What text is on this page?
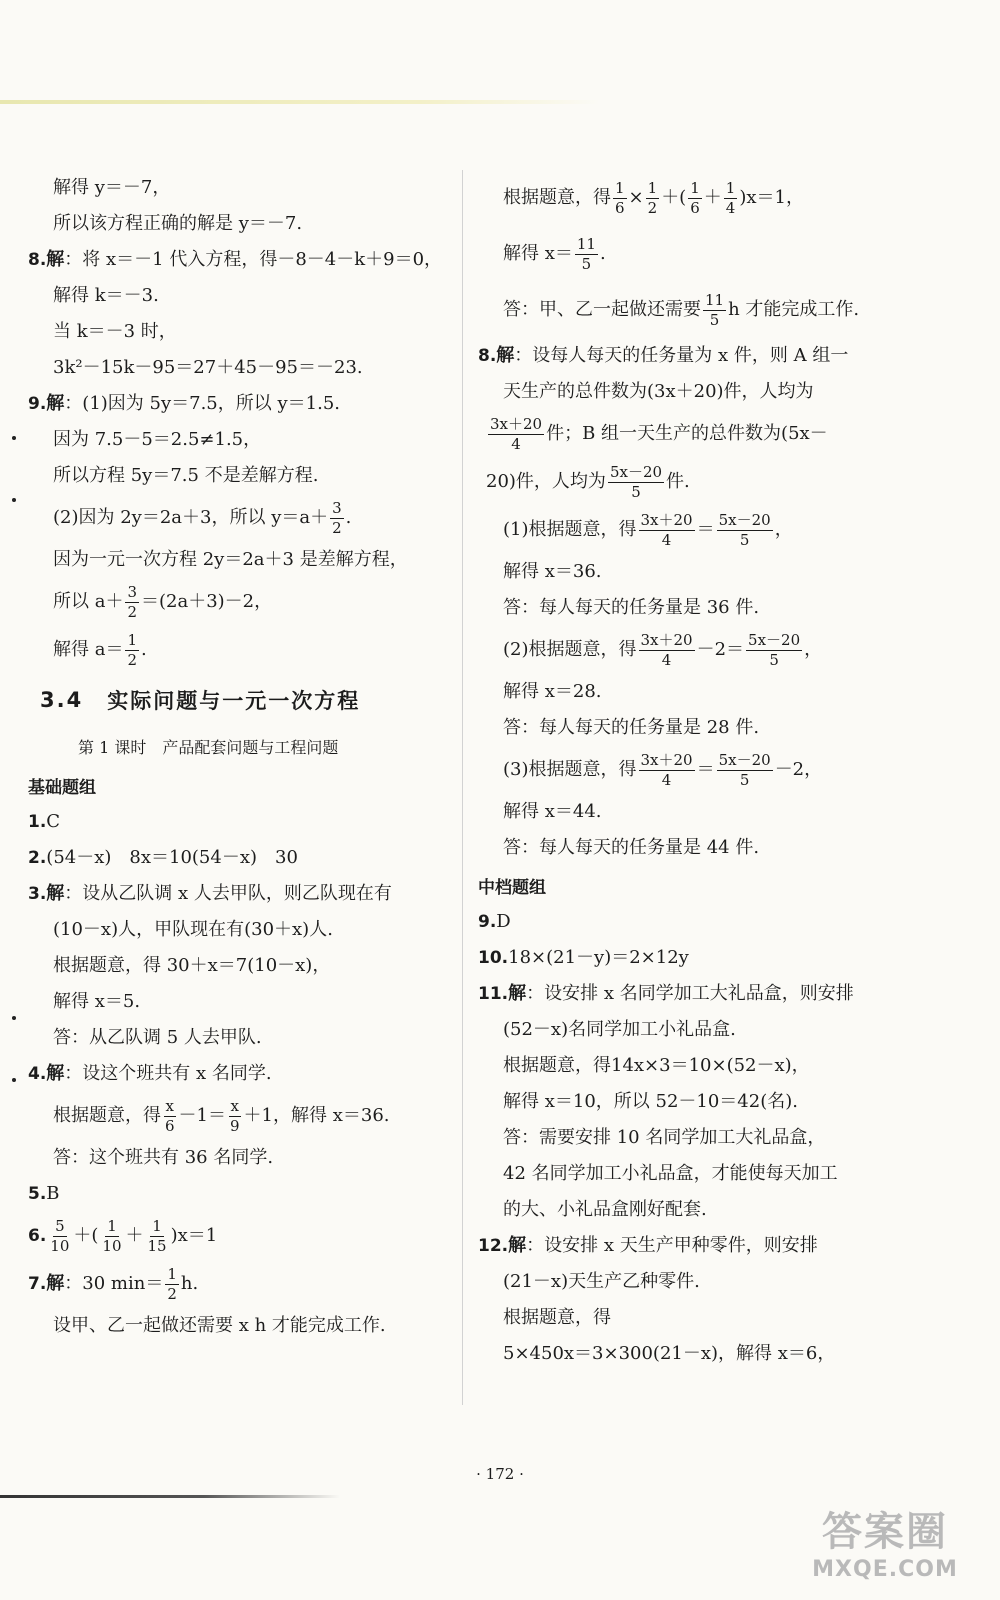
解得 y＝－7，
所以该方程正确的解是 y＝－7.
8. 解 ：将 x＝－1 代入方程，得－8－4－k＋9＝0，
解得 k＝－3.
当 k＝－3 时，
3k²－15k－95＝27＋45－95＝－23.
9. 解 ：(1)因为 5y＝7.5，所以 y＝1.5.
因为 7.5－5＝2.5≠1.5，
所以方程 5y＝7.5 不是差解方程.
(2)因为 2y＝2a＋3，所以 $y=a+ \frac{3}{2}$ .
因为一元一次方程 2y＝2a＋3 是差解方程，
所以 $a+ \frac{3}{2} =(2a+3)-2$，
解得 $a= \frac{1}{2}$ .
3.4 实际问题与一元一次方程
第 1 课时 产品配套问题与工程问题
基础题组
1. C
2. (54－x)　8x＝10(54－x)　30
3. 解 ：设从乙队调 x 人去甲队，则乙队现在有
(10－x)人，甲队现在有(30＋x)人.
根据题意，得 30＋x＝7(10－x)，
解得 x＝5.
答：从乙队调 5 人去甲队.
4. 解 ：设这个班共有 x 名同学.
根据题意，得 $\frac{x}{6} -1= \frac{x}{9} +1$，解得 x＝36.
答：这个班共有 36 名同学.
5. B
6. $\frac{5}{10}$ ＋( $\frac{1}{10} + \frac{1}{15} )x=1$
7. 解 ：30 $\min= \frac{1}{2} h$.
设甲、乙一起做还需要 x h 才能完成工作.
根据题意，得 $\frac{1}{6} \times \frac{1}{2}$ ＋( $\frac{1}{6} + \frac{1}{4} )x=1$，
解得 $x= \frac{11}{5}$ .
答：甲、乙一起做还需要 $\frac{11}{5}$ h 才能完成工作.
8. 解 ：设每人每天的任务量为 x 件，则 A 组一
天生产的总件数为(3x＋20)件，人均为
$\frac{3x+20}{4}$ 件；B 组一天生产的总件数为(5x－
20)件，人均为 $\frac{5x-20}{5}$ 件.
(1)根据题意，得 $\frac{3x+20}{4} = \frac{5x-20}{5}$ ，
解得 x＝36.
答：每人每天的任务量是 36 件.
(2)根据题意，得 $\frac{3x+20}{4} -2= \frac{5x-20}{5}$ ，
解得 x＝28.
答：每人每天的任务量是 28 件.
(3)根据题意，得 $\frac{3x+20}{4} = \frac{5x-20}{5} -2$，
解得 x＝44.
答：每人每天的任务量是 44 件.
中档题组
9. D
10. 18×(21－y)＝2×12y
11. 解 ：设安排 x 名同学加工大礼品盒，则安排
(52－x)名同学加工小礼品盒.
根据题意，得14x×3＝10×(52－x)，
解得 x＝10，所以 52－10＝42(名).
答：需要安排 10 名同学加工大礼品盒，
42 名同学加工小礼品盒，才能使每天加工
的大、小礼品盒刚好配套.
12. 解 ：设安排 x 天生产甲种零件，则安排
(21－x)天生产乙种零件.
根据题意，得
5×450x＝3×300(21－x)，解得 x＝6，
· 172 ·
答案圈
MXQE.COM
